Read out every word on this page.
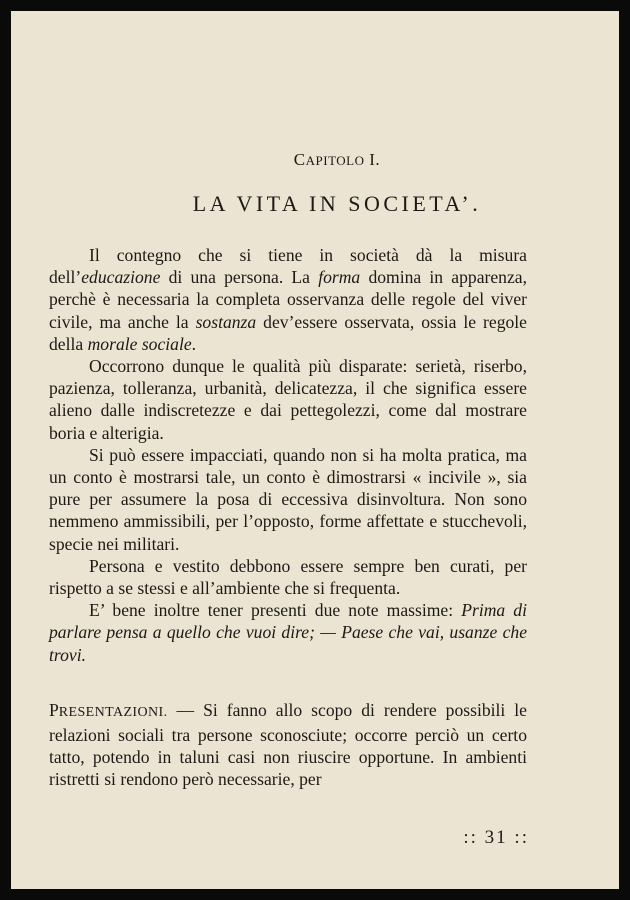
CAPITOLO I.
LA VITA IN SOCIETA’.

Il contegno che si tiene in società dà la misura dell’educazione di una persona. La forma domina in apparenza, perchè è necessaria la completa osservanza delle regole del viver civile, ma anche la sostanza dev’essere osservata, ossia le regole della morale sociale.

Occorrono dunque le qualità più disparate: serietà, riserbo, pazienza, tolleranza, urbanità, delicatezza, il che significa essere alieno dalle indiscretezze e dai pettegolezzi, come dal mostrare boria e alterigia.

Si può essere impacciati, quando non si ha molta pratica, ma un conto è mostrarsi tale, un conto è dimostrarsi « incivile », sia pure per assumere la posa di eccessiva disinvoltura. Non sono nemmeno ammissibili, per l’opposto, forme affettate e stucchevoli, specie nei militari.

Persona e vestito debbono essere sempre ben curati, per rispetto a se stessi e all’ambiente che si frequenta.

E’ bene inoltre tener presenti due note massime: Prima di parlare pensa a quello che vuoi dire; — Paese che vai, usanze che trovi.

PRESENTAZIONI. — Si fanno allo scopo di rendere possibili le relazioni sociali tra persone sconosciute; occorre perciò un certo tatto, potendo in taluni casi non riuscire opportune. In ambienti ristretti si rendono però necessarie, per

:: 31 ::
